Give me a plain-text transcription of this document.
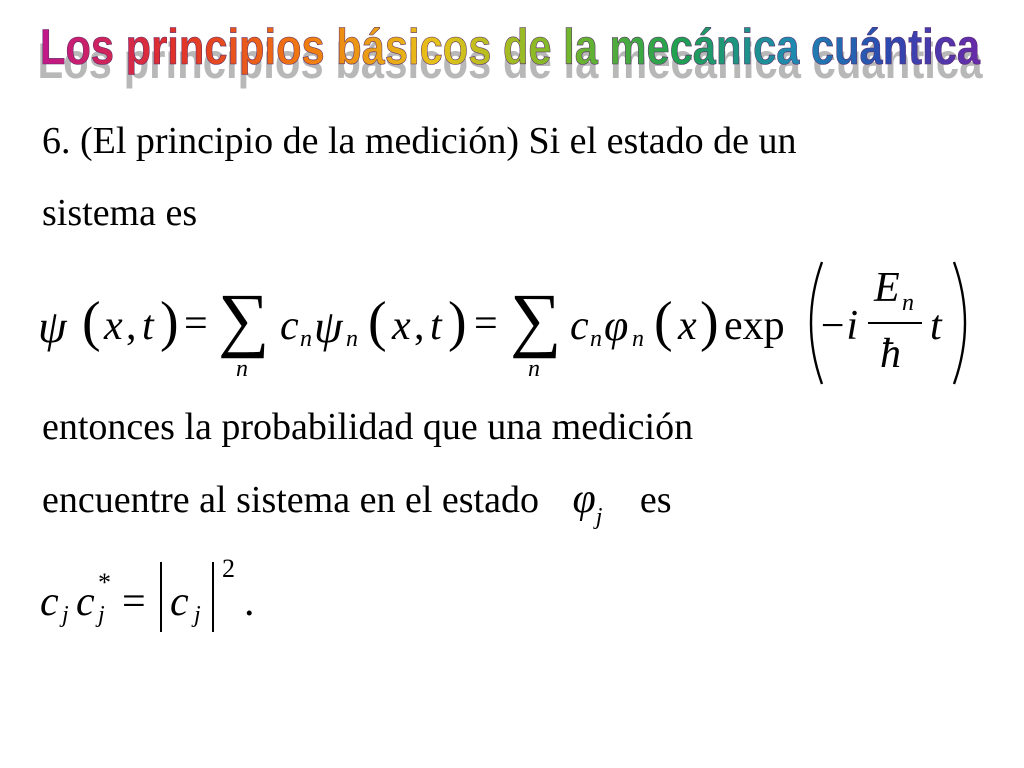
Los principios básicos de la mecánica cuántica
Los principios básicos de la mecánica cuántica
6. (El principio de la medición) Si el estado de un
sistema es
ψ ( x , t ) = ∑
n
c n ψ n ( x , t ) = ∑
n
c n φ n ( x ) exp −i
E n
ħ
t
entonces la probabilidad que una medición
encuentre al sistema en el estado φj es
c j c *
j = c j
2
.
